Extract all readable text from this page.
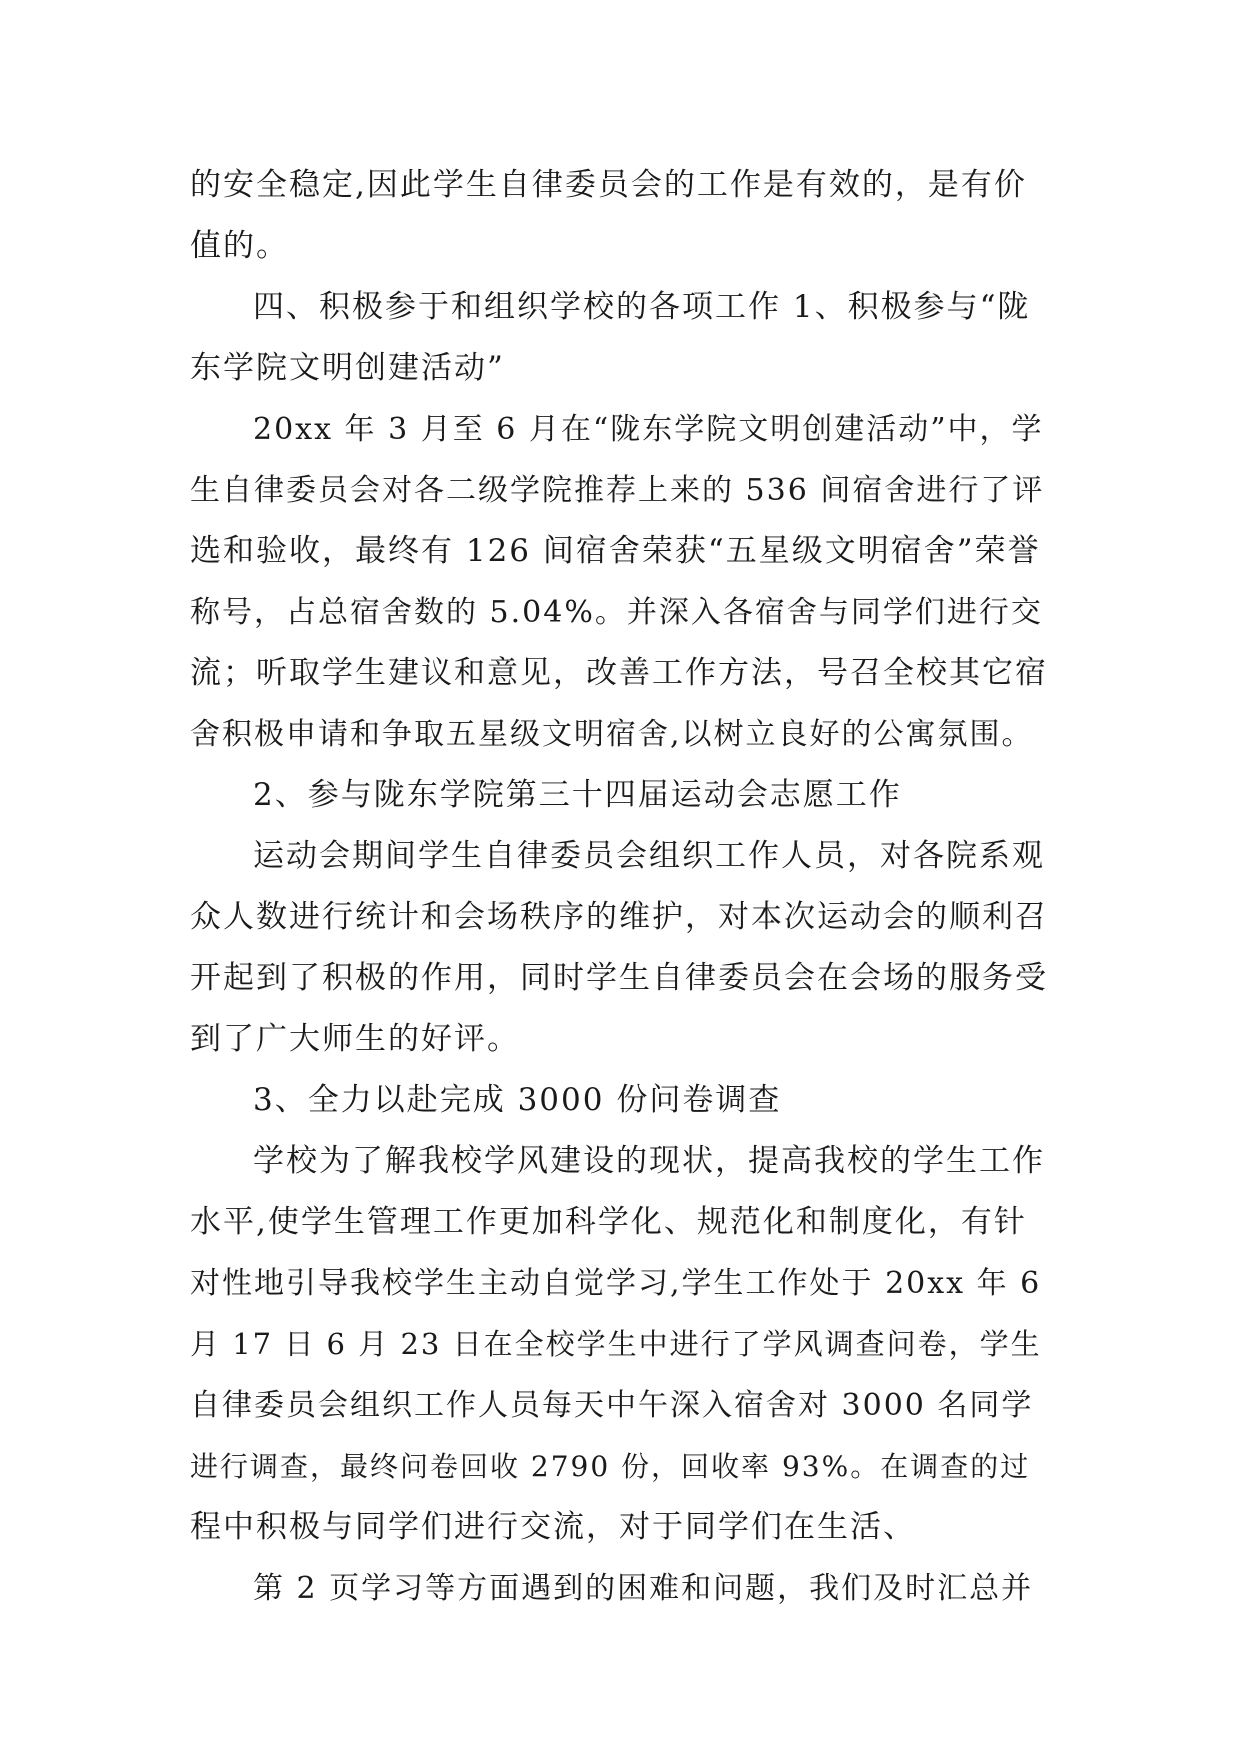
的安全稳定,因此学生自律委员会的工作是有效的，是有价
值的。
四、积极参于和组织学校的各项工作 1、积极参与“陇
东学院文明创建活动”
20xx 年 3 月至 6 月在“陇东学院文明创建活动”中，学
生自律委员会对各二级学院推荐上来的 536 间宿舍进行了评
选和验收，最终有 126 间宿舍荣获“五星级文明宿舍”荣誉
称号，占总宿舍数的 5.04%。并深入各宿舍与同学们进行交
流；听取学生建议和意见，改善工作方法，号召全校其它宿
舍积极申请和争取五星级文明宿舍,以树立良好的公寓氛围。
2、参与陇东学院第三十四届运动会志愿工作
运动会期间学生自律委员会组织工作人员，对各院系观
众人数进行统计和会场秩序的维护，对本次运动会的顺利召
开起到了积极的作用，同时学生自律委员会在会场的服务受
到了广大师生的好评。
3、全力以赴完成 3000 份问卷调查
学校为了解我校学风建设的现状，提高我校的学生工作
水平,使学生管理工作更加科学化、规范化和制度化，有针
对性地引导我校学生主动自觉学习,学生工作处于 20xx 年 6
月 17 日 6 月 23 日在全校学生中进行了学风调查问卷，学生
自律委员会组织工作人员每天中午深入宿舍对 3000 名同学
进行调查，最终问卷回收 2790 份，回收率 93%。在调查的过
程中积极与同学们进行交流，对于同学们在生活、
第 2 页学习等方面遇到的困难和问题，我们及时汇总并
